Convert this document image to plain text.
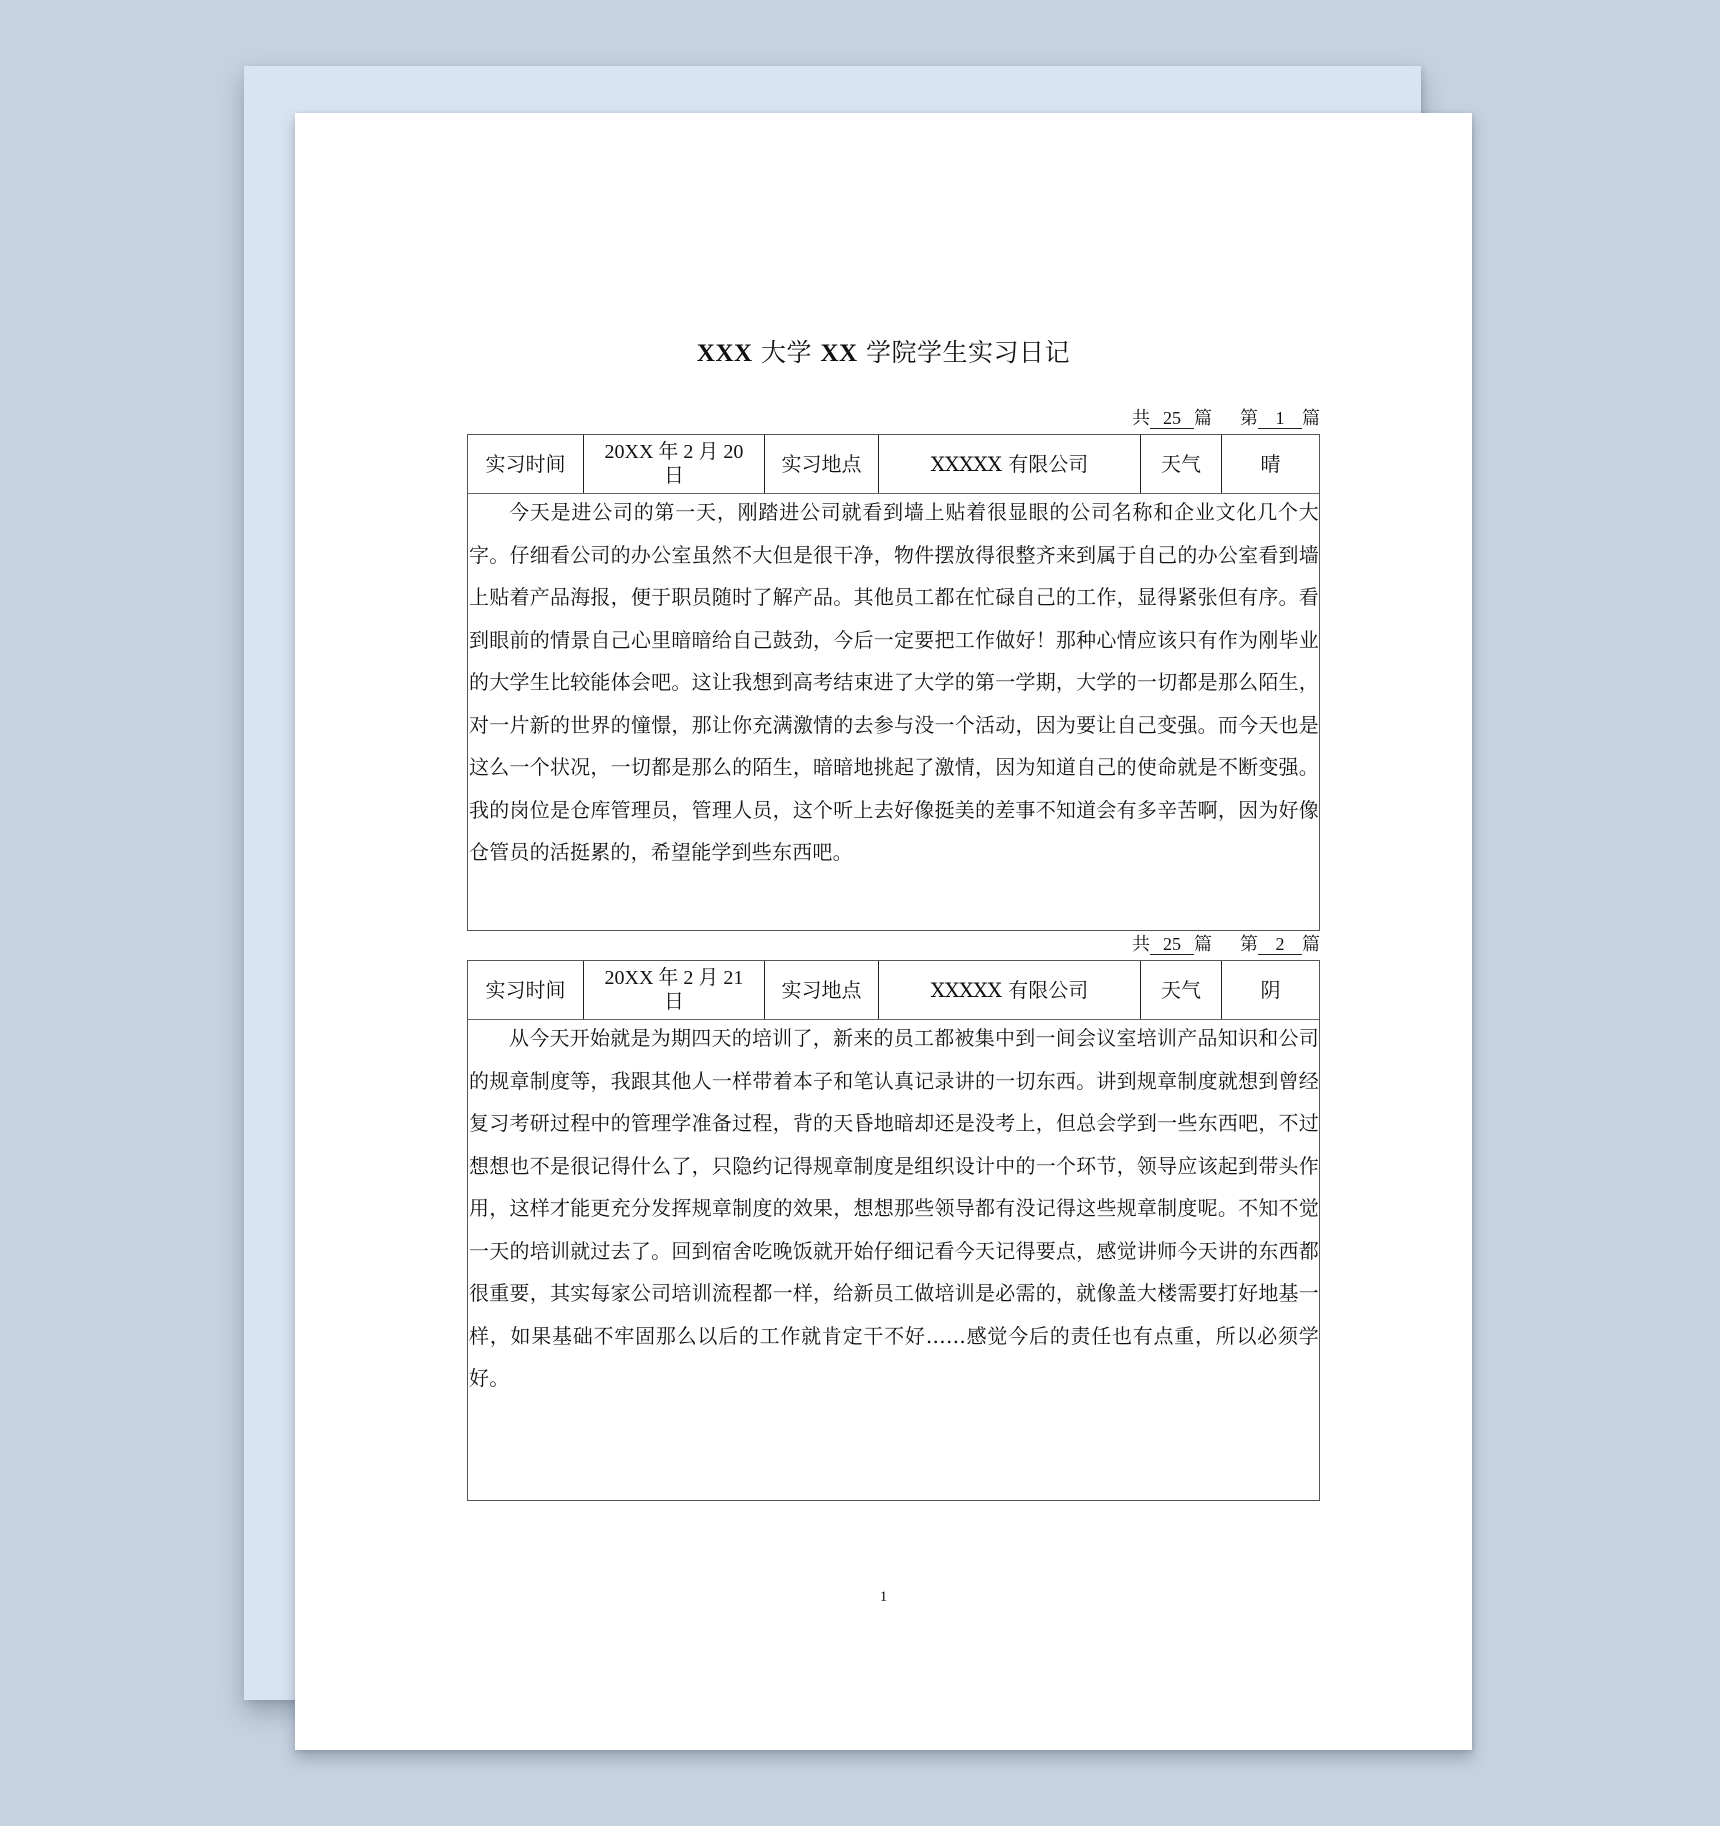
XXX 大学 XX 学院学生实习日记
共 25 篇 第 1 篇
实习时间	20XX 年 2 月 20 日	实习地点	XXXXX 有限公司	天气	晴
今天是进公司的第一天，刚踏进公司就看到墙上贴着很显眼的公司名称和企业文化几个大字。仔细看公司的办公室虽然不大但是很干净，物件摆放得很整齐来到属于自己的办公室看到墙上贴着产品海报，便于职员随时了解产品。其他员工都在忙碌自己的工作，显得紧张但有序。看到眼前的情景自己心里暗暗给自己鼓劲，今后一定要把工作做好！那种心情应该只有作为刚毕业的大学生比较能体会吧。这让我想到高考结束进了大学的第一学期，大学的一切都是那么陌生，对一片新的世界的憧憬，那让你充满激情的去参与没一个活动，因为要让自己变强。而今天也是这么一个状况，一切都是那么的陌生，暗暗地挑起了激情，因为知道自己的使命就是不断变强。我的岗位是仓库管理员，管理人员，这个听上去好像挺美的差事不知道会有多辛苦啊，因为好像仓管员的活挺累的，希望能学到些东西吧。
共 25 篇 第 2 篇
实习时间	20XX 年 2 月 21 日	实习地点	XXXXX 有限公司	天气	阴
从今天开始就是为期四天的培训了，新来的员工都被集中到一间会议室培训产品知识和公司的规章制度等，我跟其他人一样带着本子和笔认真记录讲的一切东西。讲到规章制度就想到曾经复习考研过程中的管理学准备过程，背的天昏地暗却还是没考上，但总会学到一些东西吧，不过想想也不是很记得什么了，只隐约记得规章制度是组织设计中的一个环节，领导应该起到带头作用，这样才能更充分发挥规章制度的效果，想想那些领导都有没记得这些规章制度呢。不知不觉一天的培训就过去了。回到宿舍吃晚饭就开始仔细记看今天记得要点，感觉讲师今天讲的东西都很重要，其实每家公司培训流程都一样，给新员工做培训是必需的，就像盖大楼需要打好地基一样，如果基础不牢固那么以后的工作就肯定干不好……感觉今后的责任也有点重，所以必须学好。
1
